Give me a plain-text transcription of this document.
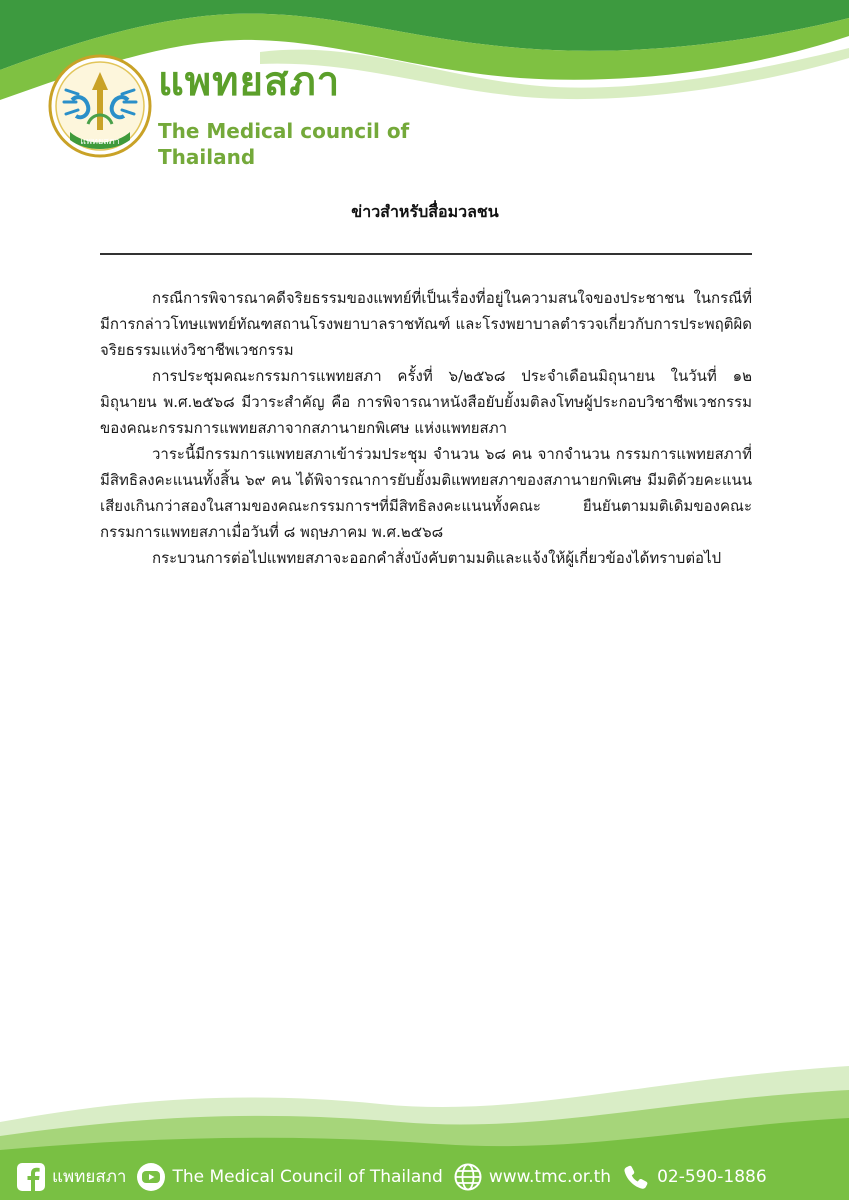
แพทยสภา
แพทยสภา
The Medical council of Thailand
ข่าวสำหรับสื่อมวลชน

กรณีการพิจารณาคดีจริยธรรมของแพทย์ที่เป็นเรื่องที่อยู่ในความสนใจของประชาชน ในกรณีที่มีการกล่าวโทษแพทย์ทัณฑสถานโรงพยาบาลราชทัณฑ์ และโรงพยาบาลตำรวจเกี่ยวกับการประพฤติผิดจริยธรรมแห่งวิชาชีพเวชกรรม

การประชุมคณะกรรมการแพทยสภา ครั้งที่ ๖/๒๕๖๘ ประจำเดือนมิถุนายน ในวันที่ ๑๒ มิถุนายน พ.ศ.๒๕๖๘ มีวาระสำคัญ คือ การพิจารณาหนังสือยับยั้งมติลงโทษผู้ประกอบวิชาชีพเวชกรรมของคณะกรรมการแพทยสภาจากสภานายกพิเศษ แห่งแพทยสภา

วาระนี้มีกรรมการแพทยสภาเข้าร่วมประชุม จำนวน ๖๘ คน จากจำนวน กรรมการแพทยสภาที่มีสิทธิลงคะแนนทั้งสิ้น ๖๙ คน ได้พิจารณาการยับยั้งมติแพทยสภาของสภานายกพิเศษ มีมติด้วยคะแนนเสียงเกินกว่าสองในสามของคณะกรรมการฯที่มีสิทธิลงคะแนนทั้งคณะ ยืนยันตามมติเดิมของคณะกรรมการแพทยสภาเมื่อวันที่ ๘ พฤษภาคม พ.ศ.๒๕๖๘

กระบวนการต่อไปแพทยสภาจะออกคำสั่งบังคับตามมติและแจ้งให้ผู้เกี่ยวข้องได้ทราบต่อไป

แพทยสภา	The Medical Council of Thailand	www.tmc.or.th	02-590-1886
